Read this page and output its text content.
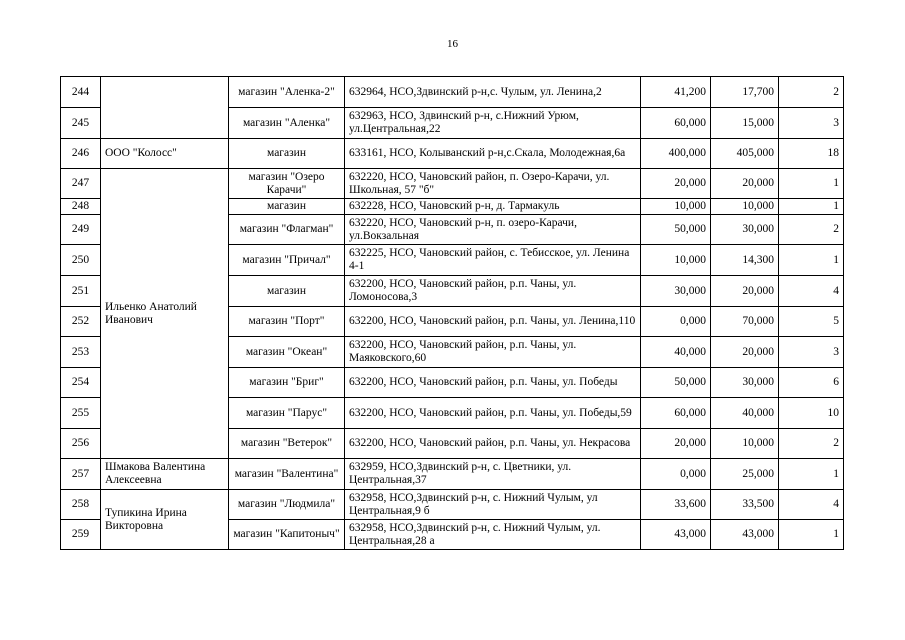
16
244		магазин "Аленка-2"	632964, НСО,Здвинский р-н,с. Чулым, ул. Ленина,2	41,200	17,700	2
245		магазин "Аленка"	632963, НСО, Здвинский р-н, с.Нижний Урюм, ул.Центральная,22	60,000	15,000	3
246	ООО "Колосс"	магазин	633161, НСО, Колыванский р-н,с.Скала, Молодежная,6а	400,000	405,000	18
247	Ильенко Анатолий Иванович	магазин "Озеро Карачи"	632220, НСО, Чановский район, п. Озеро-Карачи, ул. Школьная, 57 "б"	20,000	20,000	1
248		магазин	632228, НСО, Чановский р-н, д. Тармакуль	10,000	10,000	1
249		магазин "Флагман"	632220, НСО, Чановский р-н, п. озеро-Карачи, ул.Вокзальная	50,000	30,000	2
250		магазин "Причал"	632225, НСО, Чановский район, с. Тебисское, ул. Ленина 4-1	10,000	14,300	1
251		магазин	632200, НСО, Чановский район, р.п. Чаны, ул. Ломоносова,3	30,000	20,000	4
252		магазин "Порт"	632200, НСО, Чановский район, р.п. Чаны, ул. Ленина,110	0,000	70,000	5
253		магазин "Океан"	632200, НСО, Чановский район, р.п. Чаны, ул. Маяковского,60	40,000	20,000	3
254		магазин "Бриг"	632200, НСО, Чановский район, р.п. Чаны, ул. Победы	50,000	30,000	6
255		магазин "Парус"	632200, НСО, Чановский район, р.п. Чаны, ул. Победы,59	60,000	40,000	10
256		магазин "Ветерок"	632200, НСО, Чановский район, р.п. Чаны, ул. Некрасова	20,000	10,000	2
257	Шмакова Валентина Алексеевна	магазин "Валентина"	632959, НСО,Здвинский р-н, с. Цветники, ул. Центральная,37	0,000	25,000	1
258	Тупикина Ирина Викторовна	магазин "Людмила"	632958, НСО,Здвинский р-н, с. Нижний Чулым, ул Центральная,9 б	33,600	33,500	4
259		магазин "Капитоныч"	632958, НСО,Здвинский р-н, с. Нижний Чулым, ул. Центральная,28 а	43,000	43,000	1
